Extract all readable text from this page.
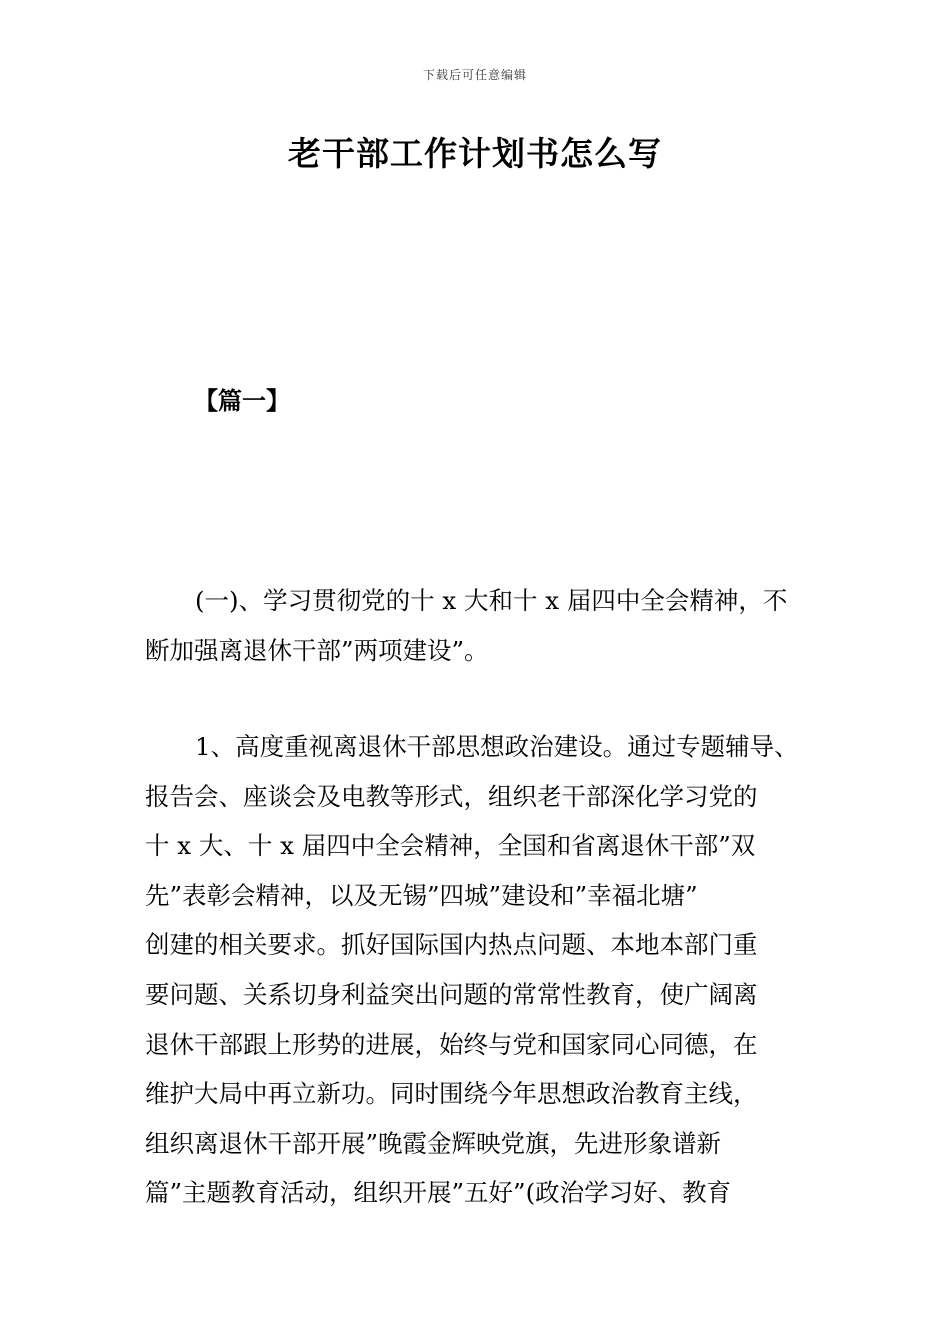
下载后可任意编辑
老干部工作计划书怎么写
【篇一】

(一)、学习贯彻党的十 x 大和十 x 届四中全会精神，不
断加强离退休干部”两项建设”。

1、高度重视离退休干部思想政治建设。通过专题辅导、
报告会、座谈会及电教等形式，组织老干部深化学习党的
十 x 大、十 x 届四中全会精神，全国和省离退休干部”双
先”表彰会精神，以及无锡”四城”建设和”幸福北塘”
创建的相关要求。抓好国际国内热点问题、本地本部门重
要问题、关系切身利益突出问题的常常性教育，使广阔离
退休干部跟上形势的进展，始终与党和国家同心同德，在
维护大局中再立新功。同时围绕今年思想政治教育主线，
组织离退休干部开展”晚霞金辉映党旗，先进形象谱新
篇”主题教育活动，组织开展”五好”(政治学习好、教育
